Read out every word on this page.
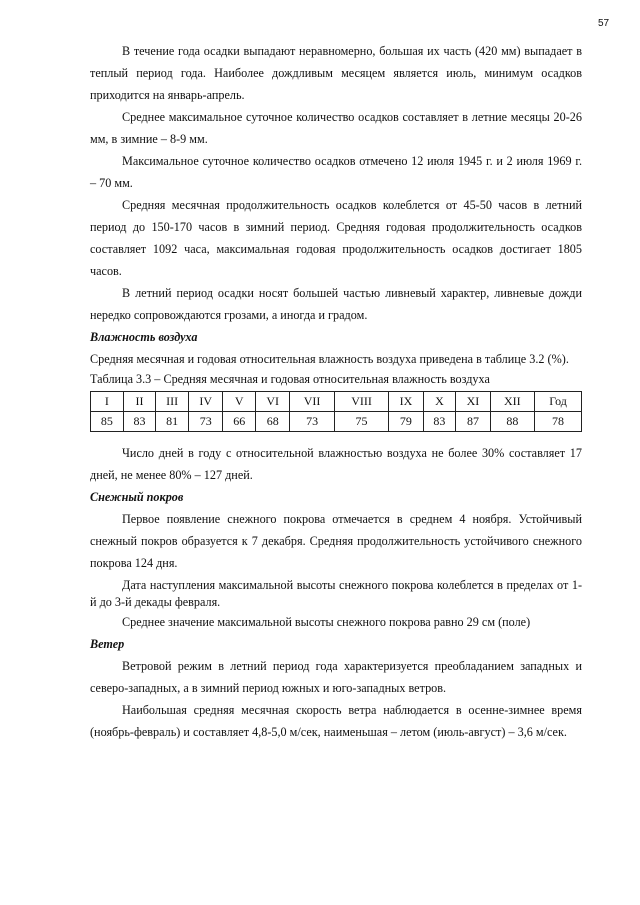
57

В течение года осадки выпадают неравномерно, большая их часть (420 мм) выпадает в теплый период года. Наиболее дождливым месяцем является июль, минимум осадков приходится на январь-апрель.

Среднее максимальное суточное количество осадков составляет в летние месяцы 20-26 мм, в зимние – 8-9 мм.

Максимальное суточное количество осадков отмечено 12 июля 1945 г. и 2 июля 1969 г. – 70 мм.

Средняя месячная продолжительность осадков колеблется от 45-50 часов в летний период до 150-170 часов в зимний период. Средняя годовая продолжительность осадков составляет 1092 часа, максимальная годовая продолжительность осадков достигает 1805 часов.

В летний период осадки носят большей частью ливневый характер, ливневые дожди нередко сопровождаются грозами, а иногда и градом.

Влажность воздуха

Средняя месячная и годовая относительная влажность воздуха приведена в таблице 3.2 (%).

Таблица 3.3 – Средняя месячная и годовая относительная влажность воздуха
I	II	III	IV	V	VI	VII	VIII	IX	X	XI	XII	Год
85	83	81	73	66	68	73	75	79	83	87	88	78

Число дней в году с относительной влажностью воздуха не более 30% составляет 17 дней, не менее 80% – 127 дней.

Снежный покров

Первое появление снежного покрова отмечается в среднем 4 ноября. Устойчивый снежный покров образуется к 7 декабря. Средняя продолжительность устойчивого снежного покрова 124 дня.

Дата наступления максимальной высоты снежного покрова колеблется в пределах от 1-й до 3-й декады февраля.

Среднее значение максимальной высоты снежного покрова равно 29 см (поле)

Ветер

Ветровой режим в летний период года характеризуется преобладанием западных и северо-западных, а в зимний период южных и юго-западных ветров.

Наибольшая средняя месячная скорость ветра наблюдается в осенне-зимнее время (ноябрь-февраль) и составляет 4,8-5,0 м/сек, наименьшая – летом (июль-август) – 3,6 м/сек.
